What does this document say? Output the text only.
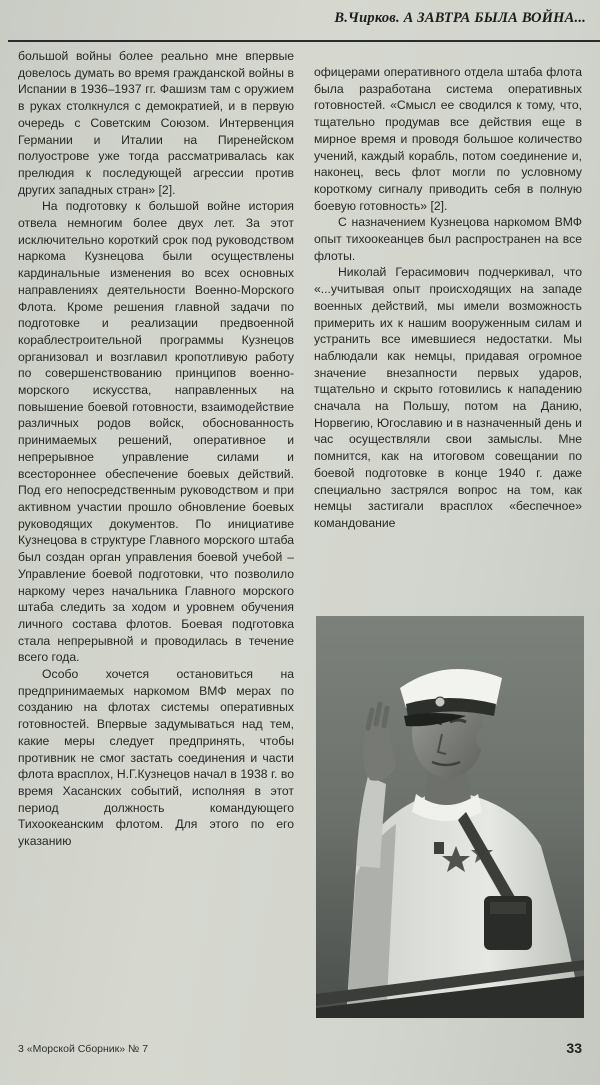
В.Чирков. А ЗАВТРА БЫЛА ВОЙНА...

большой войны более реально мне впервые довелось думать во время гражданской войны в Испании в 1936–1937 гг. Фашизм там с оружием в руках столкнулся с демократией, и в первую очередь с Советским Союзом. Интервенция Германии и Италии на Пиренейском полуострове уже тогда рассматривалась как прелюдия к последующей агрессии против других западных стран» [2].

На подготовку к большой войне история отвела немногим более двух лет. За этот исключительно короткий срок под руководством наркома Кузнецова были осуществлены кардинальные изменения во всех основных направлениях деятельности Военно-Морского Флота. Кроме решения главной задачи по подготовке и реализации предвоенной кораблестроительной программы Кузнецов организовал и возглавил кропотливую работу по совершенствованию принципов военно-морского искусства, направленных на повышение боевой готовности, взаимодействие различных родов войск, обоснованность принимаемых решений, оперативное и непрерывное управление силами и всестороннее обеспечение боевых действий. Под его непосредственным руководством и при активном участии прошло обновление боевых руководящих документов. По инициативе Кузнецова в структуре Главного морского штаба был создан орган управления боевой учебой – Управление боевой подготовки, что позволило наркому через начальника Главного морского штаба следить за ходом и уровнем обучения личного состава флотов. Боевая подготовка стала непрерывной и проводилась в течение всего года.

Особо хочется остановиться на предпринимаемых наркомом ВМФ мерах по созданию на флотах системы оперативных готовностей. Впервые задумываться над тем, какие меры следует предпринять, чтобы противник не смог застать соединения и части флота врасплох, Н.Г.Кузнецов начал в 1938 г. во время Хасанских событий, исполняя в этот период должность командующего Тихоокеанским флотом. Для этого по его указанию

офицерами оперативного отдела штаба флота была разработана система оперативных готовностей. «Смысл ее сводился к тому, что, тщательно продумав все действия еще в мирное время и проводя большое количество учений, каждый корабль, потом соединение и, наконец, весь флот могли по условному короткому сигналу приводить себя в полную боевую готовность» [2].

С назначением Кузнецова наркомом ВМФ опыт тихоокеанцев был распространен на все флоты.

Николай Герасимович подчеркивал, что «...учитывая опыт происходящих на западе военных действий, мы имели возможность примерить их к нашим вооруженным силам и устранить все имевшиеся недостатки. Мы наблюдали как немцы, придавая огромное значение внезапности первых ударов, тщательно и скрыто готовились к нападению сначала на Польшу, потом на Данию, Норвегию, Югославию и в назначенный день и час осуществляли свои замыслы. Мне помнится, как на итоговом совещании по боевой подготовке в конце 1940 г. даже специально застрялся вопрос на том, как немцы застигали врасплох «беспечное» командование

3 «Морской Сборник» № 7	33
